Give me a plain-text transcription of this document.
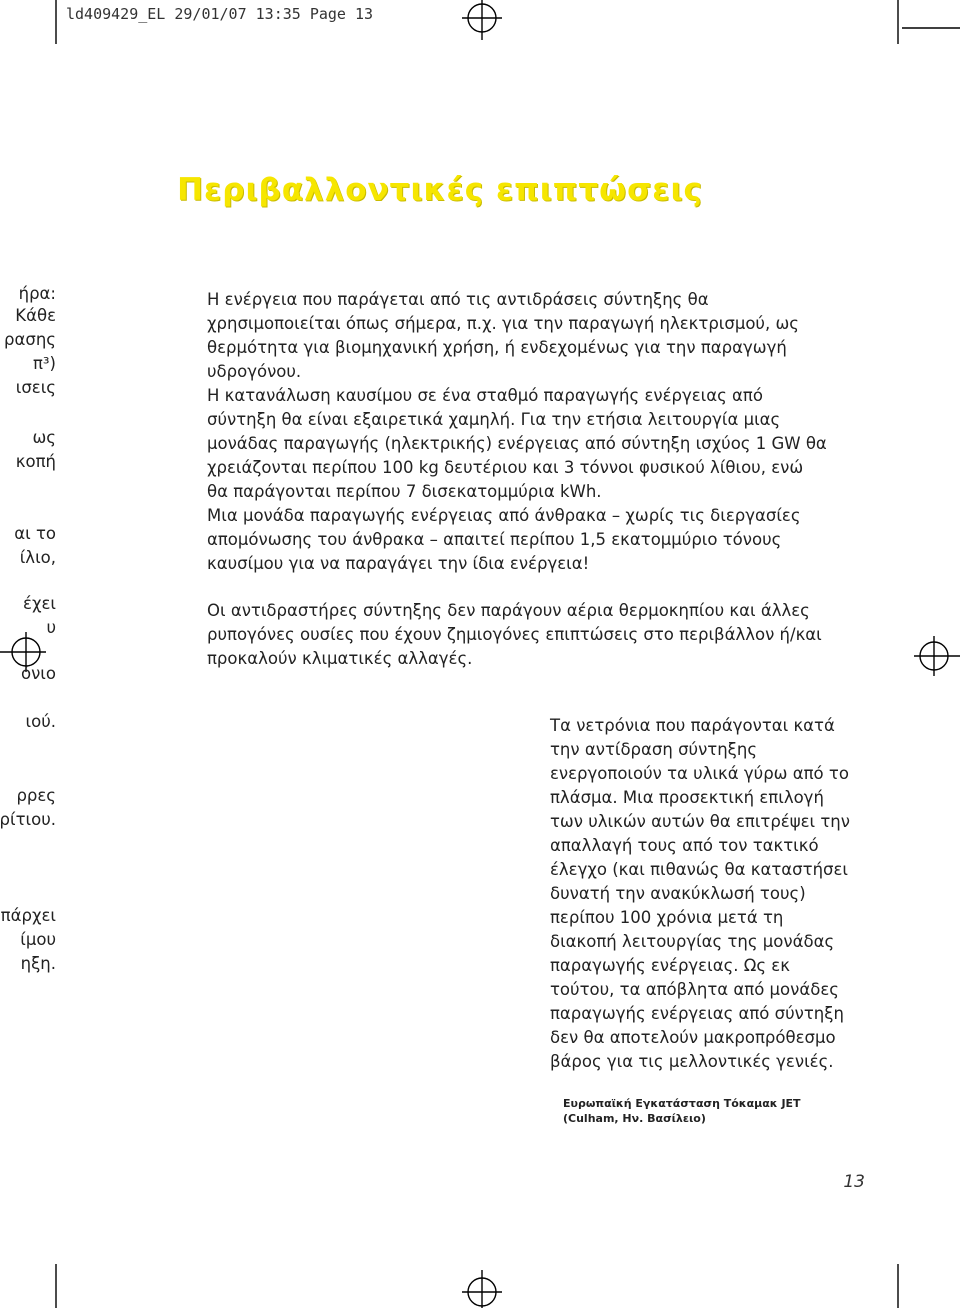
ld409429_EL 29/01/07 13:35 Page 13
Περιβαλλοντικές επιπτώσεις
ήρα:
Κάθε
ρασης
π³)
ισεις
ως
κοπή
αι το
ίλιο,
έχει
υ
όνιο
ιού.
ρρες
ρίτιου.
πάρχει
ίμου
ηξη.

Η ενέργεια που παράγεται από τις αντιδράσεις σύντηξης θα χρησιμοποιείται όπως σήμερα, π.χ. για την παραγωγή ηλεκτρισμού, ως θερμότητα για βιομηχανική χρήση, ή ενδεχομένως για την παραγωγή υδρογόνου.

Η κατανάλωση καυσίμου σε ένα σταθμό παραγωγής ενέργειας από σύντηξη θα είναι εξαιρετικά χαμηλή. Για την ετήσια λειτουργία μιας μονάδας παραγωγής (ηλεκτρικής) ενέργειας από σύντηξη ισχύος 1 GW θα χρειάζονται περίπου 100 kg δευτέριου και 3 τόννοι φυσικού λίθιου, ενώ θα παράγονται περίπου 7 δισεκατομμύρια kWh.

Μια μονάδα παραγωγής ενέργειας από άνθρακα – χωρίς τις διεργασίες απομόνωσης του άνθρακα – απαιτεί περίπου 1,5 εκατομμύριο τόνους καυσίμου για να παραγάγει την ίδια ενέργεια!

Οι αντιδραστήρες σύντηξης δεν παράγουν αέρια θερμοκηπίου και άλλες ρυπογόνες ουσίες που έχουν ζημιογόνες επιπτώσεις στο περιβάλλον ή/και προκαλούν κλιματικές αλλαγές.

Τα νετρόνια που παράγονται κατά την αντίδραση σύντηξης ενεργοποιούν τα υλικά γύρω από το πλάσμα. Μια προσεκτική επιλογή των υλικών αυτών θα επιτρέψει την απαλλαγή τους από τον τακτικό έλεγχο (και πιθανώς θα καταστήσει δυνατή την ανακύκλωσή τους) περίπου 100 χρόνια μετά τη διακοπή λειτουργίας της μονάδας παραγωγής ενέργειας. Ως εκ τούτου, τα απόβλητα από μονάδες παραγωγής ενέργειας από σύντηξη δεν θα αποτελούν μακροπρόθεσμο βάρος για τις μελλοντικές γενιές.

Ευρωπαϊκή Εγκατάσταση Τόκαμακ JET
(Culham, Ην. Βασίλειο)
13
